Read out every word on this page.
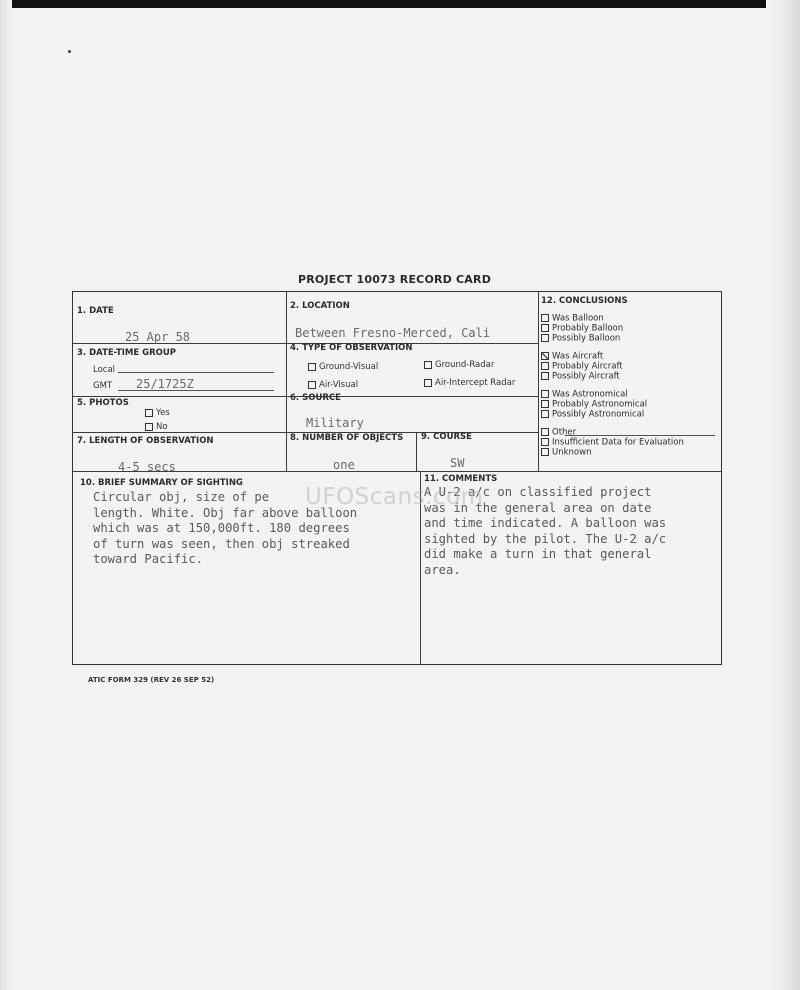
PROJECT 10073 RECORD CARD
1. DATE
25 Apr 58
2. LOCATION
Between Fresno-Merced, Cali
3. DATE-TIME GROUP
Local
GMT 25/1725Z
4. TYPE OF OBSERVATION
Ground-Visual	Ground-Radar
Air-Visual	Air-Intercept Radar
5. PHOTOS
Yes
No
6. SOURCE
Military
7. LENGTH OF OBSERVATION
4-5 secs
8. NUMBER OF OBJECTS
one
9. COURSE
SW
10. BRIEF SUMMARY OF SIGHTING
Circular obj, size of pe
length. White. Obj far above balloon
which was at 150,000ft. 180 degrees
of turn was seen, then obj streaked
toward Pacific.
11. COMMENTS
A U-2 a/c on classified project
was in the general area on date
and time indicated. A balloon was
sighted by the pilot. The U-2 a/c
did make a turn in that general
area.
12. CONCLUSIONS
Was Balloon
Probably Balloon
Possibly Balloon
Was Aircraft
Probably Aircraft
Possibly Aircraft
Was Astronomical
Probably Astronomical
Possibly Astronomical
Other
Insufficient Data for Evaluation
Unknown
UFOScans.com
ATIC FORM 329 (REV 26 SEP 52)
